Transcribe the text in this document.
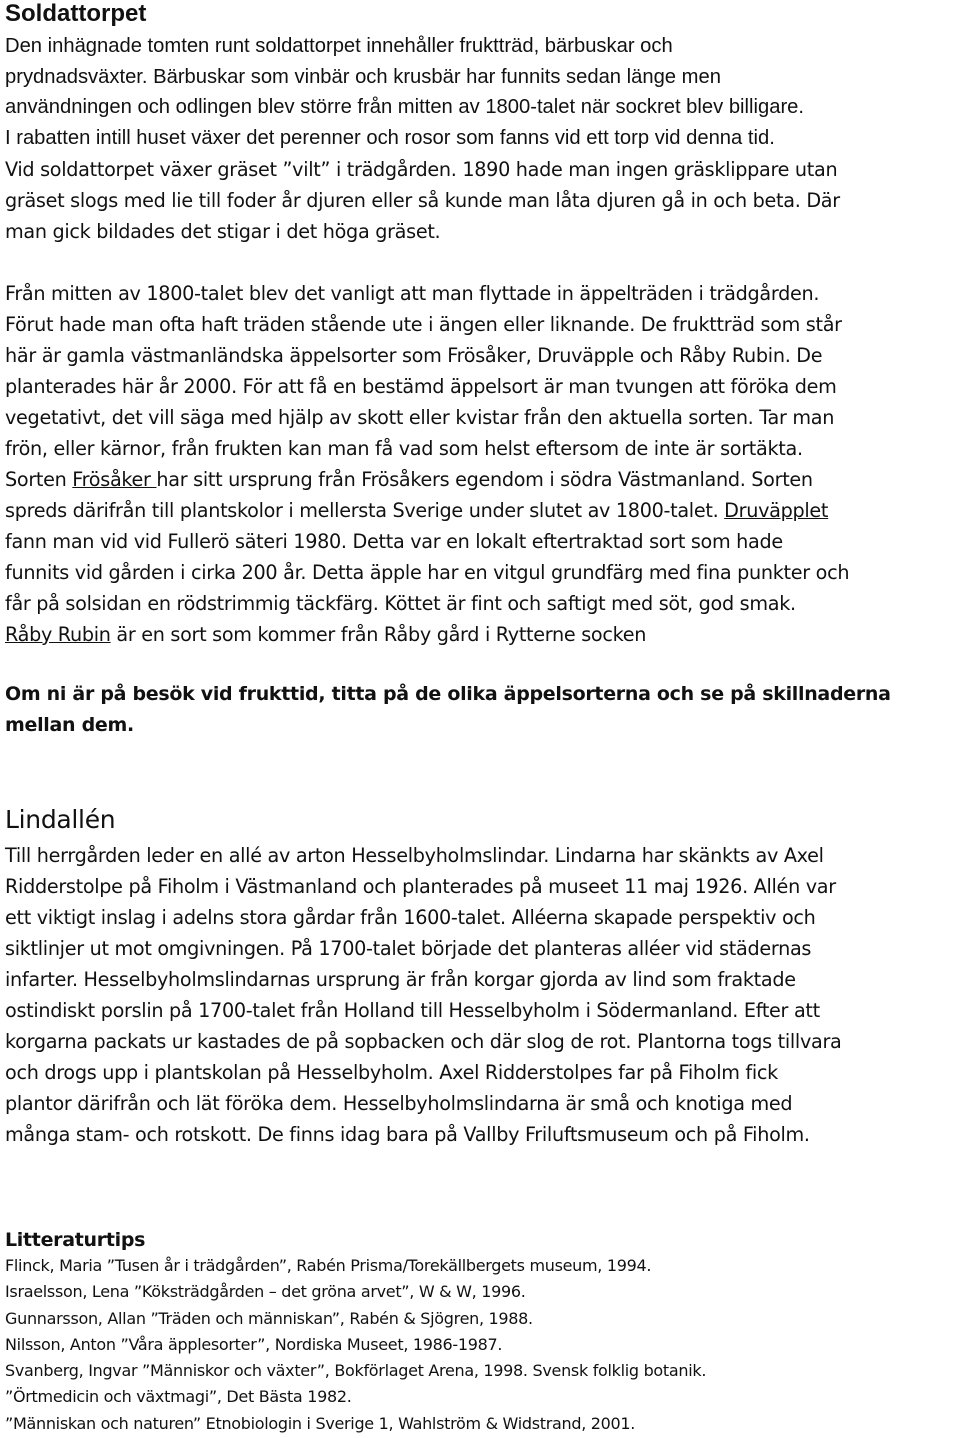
Soldattorpet

Den inhägnade tomten runt soldattorpet innehåller fruktträd, bärbuskar och

prydnadsväxter. Bärbuskar som vinbär och krusbär har funnits sedan länge men

användningen och odlingen blev större från mitten av 1800-talet när sockret blev billigare.

I rabatten intill huset växer det perenner och rosor som fanns vid ett torp vid denna tid.

Vid soldattorpet växer gräset ”vilt” i trädgården. 1890 hade man ingen gräsklippare utan

gräset slogs med lie till foder år djuren eller så kunde man låta djuren gå in och beta. Där

man gick bildades det stigar i det höga gräset.

Från mitten av 1800-talet blev det vanligt att man flyttade in äppelträden i trädgården.

Förut hade man ofta haft träden stående ute i ängen eller liknande. De fruktträd som står

här är gamla västmanländska äppelsorter som Frösåker, Druväpple och Råby Rubin. De

planterades här år 2000. För att få en bestämd äppelsort är man tvungen att föröka dem

vegetativt, det vill säga med hjälp av skott eller kvistar från den aktuella sorten. Tar man

frön, eller kärnor, från frukten kan man få vad som helst eftersom de inte är sortäkta.

Sorten Frösåker har sitt ursprung från Frösåkers egendom i södra Västmanland. Sorten

spreds därifrån till plantskolor i mellersta Sverige under slutet av 1800-talet. Druväpplet

fann man vid vid Fullerö säteri 1980. Detta var en lokalt eftertraktad sort som hade

funnits vid gården i cirka 200 år. Detta äpple har en vitgul grundfärg med fina punkter och

får på solsidan en rödstrimmig täckfärg. Köttet är fint och saftigt med söt, god smak.

Råby Rubin är en sort som kommer från Råby gård i Rytterne socken

Om ni är på besök vid frukttid, titta på de olika äppelsorterna och se på skillnaderna

mellan dem.

Lindallén

Till herrgården leder en allé av arton Hesselbyholmslindar. Lindarna har skänkts av Axel

Ridderstolpe på Fiholm i Västmanland och planterades på museet 11 maj 1926. Allén var

ett viktigt inslag i adelns stora gårdar från 1600-talet. Alléerna skapade perspektiv och

siktlinjer ut mot omgivningen. På 1700-talet började det planteras alléer vid städernas

infarter. Hesselbyholmslindarnas ursprung är från korgar gjorda av lind som fraktade

ostindiskt porslin på 1700-talet från Holland till Hesselbyholm i Södermanland. Efter att

korgarna packats ur kastades de på sopbacken och där slog de rot. Plantorna togs tillvara

och drogs upp i plantskolan på Hesselbyholm. Axel Ridderstolpes far på Fiholm fick

plantor därifrån och lät föröka dem. Hesselbyholmslindarna är små och knotiga med

många stam- och rotskott. De finns idag bara på Vallby Friluftsmuseum och på Fiholm.

Litteraturtips

Flinck, Maria ”Tusen år i trädgården”, Rabén Prisma/Torekällbergets museum, 1994.

Israelsson, Lena ”Köksträdgården – det gröna arvet”, W & W, 1996.

Gunnarsson, Allan ”Träden och människan”, Rabén & Sjögren, 1988.

Nilsson, Anton ”Våra äpplesorter”, Nordiska Museet, 1986-1987.

Svanberg, Ingvar ”Människor och växter”, Bokförlaget Arena, 1998. Svensk folklig botanik.

”Örtmedicin och växtmagi”, Det Bästa 1982.

”Människan och naturen” Etnobiologin i Sverige 1, Wahlström & Widstrand, 2001.
